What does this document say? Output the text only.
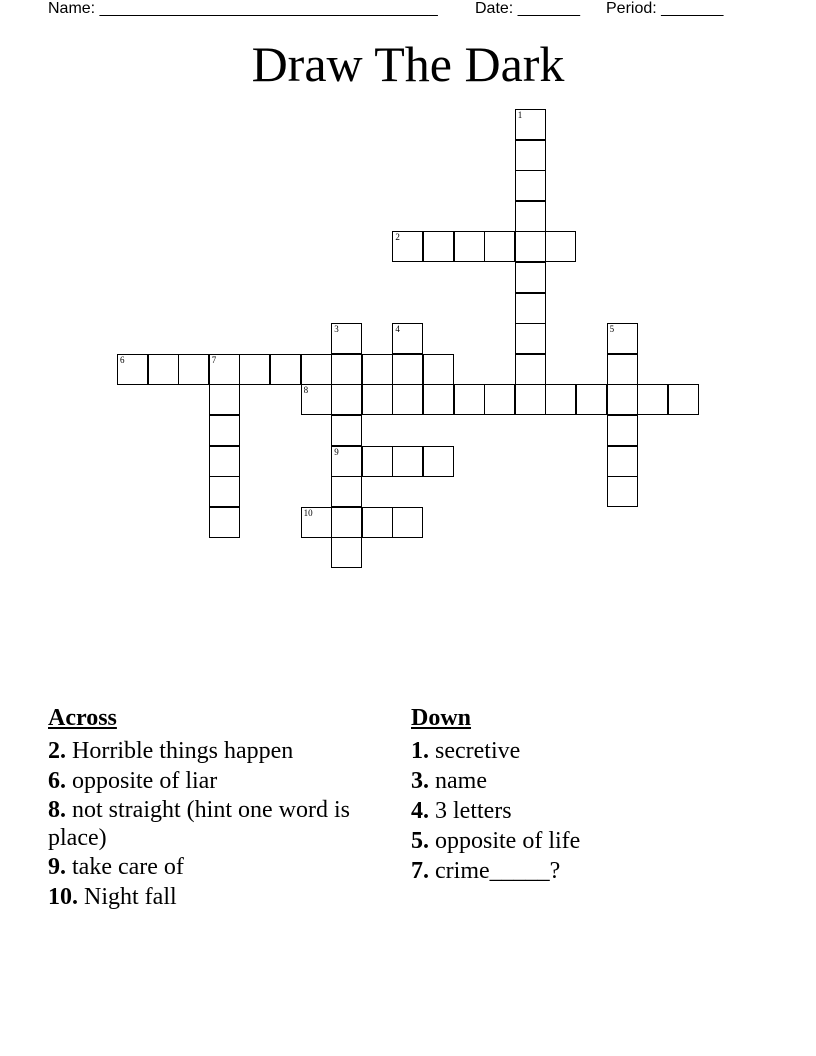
Name: ______________________________________ Date: _______ Period: _______
Draw The Dark
1
2
3
9
4	5
6	7
8
10
Across
2. Horrible things happen
6. opposite of liar
8. not straight (hint one word is place)
9. take care of
10. Night fall
Down
1. secretive
3. name
4. 3 letters
5. opposite of life
7. crime_____?
